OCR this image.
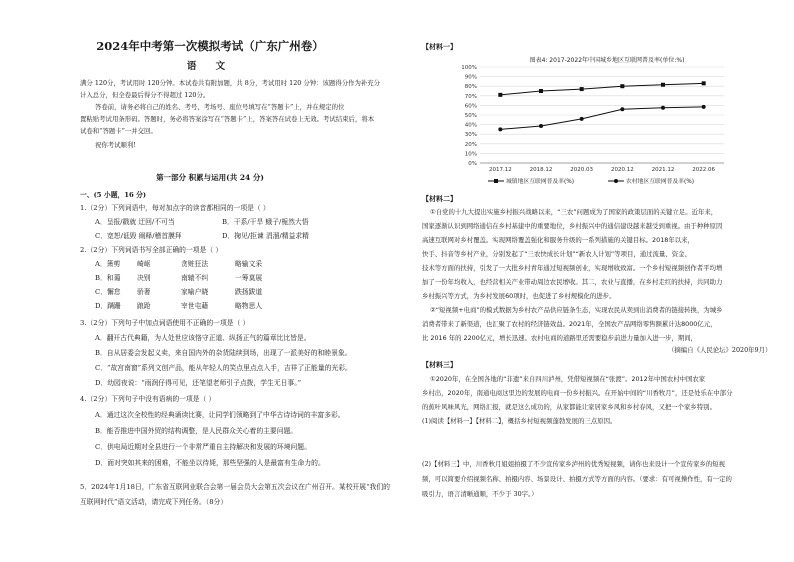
2024年中考第一次模拟考试（广东广州卷）
语 文
满分 120分，考试用时 120分钟。本试卷共有附加题，共 8分，考试用时 120 分钟：该题得分作为补充分
计入总分，但全卷最后得分不得超过 120分。
答卷前，请务必将自己的姓名、考号、考场号、座位号填写在“答题卡”上，并在规定的位
置粘贴考试用条形码。答题时，务必将答案涂写在“答题卡”上，答案答在试卷上无效。考试结束后，将本
试卷和“答题卡”一并交回。
祝你考试顺利!
第一部分 积累与运用(共 24 分)
一、(5 小题，16 分)
1.（2分）下列词语中，每对加点字的读音都相同的一项是（ ）
A．呈报/戳就 迂回/不可当	B．干系/干旱 蛾子/栀然大悟
C．宽恕/诋毁 阐释/稽首膜拜	D．掬见/拒谏 涓溜/精益求精
2.（2分）下列词语书写全部正确的一项是（ ）
A．箫剪 崎岖	贪赃狂法	略输文采
B．和蔼 决别	南辕不纠	一筹莫展
C．懈怠 骄奢	家喻户晓	跌扬跋道
D．蹒跚 踉跄	宰世屯藉	略物思人
3.（2分）下列句子中加点词语使用不正确的一项是（ ）
A．翻开古代典籍，为人处世应该恪守正道、纵扬正气的篇章比比皆是。
B．自从居委会发起义卖，来自国内外的杂货陆续到场，出现了一派美好的和睦景象。
C．“故宫南窗”系列文创产品，能从年轻人的笑点里点点入手，吉祥了正能量的光彩。
D．幼园夜说：“雨润仔得可见，还笔望老师引子点拨，学生无日事。”
4.（2分）下列句子中没有语病的一项是（ ）
A．通过这次全校性的经典诵读比赛，让同学们领略到了中华古诗诗词的丰富多彩。
B．能否推进中国外贸的结构调整，是人民群众关心着的主要问题。
C．供电局近期对全县进行一个非常严重自主持解决和发展的环境问题。
D．面对突如其来的困难，不能坐以待毙，那些坚强的人是最富有生命力的。
5．2024年1月18日，广东省互联网业联合会第一届会员大会第五次会议在广州召开。某校开展“我们的
互联网时代”语文活动，请完成下列任务。（8分）
【材料一】
图表4: 2017-2022年中国城乡地区互联网普及率(单位:%)
0%
10%
20%
30%
40%
50%
60%
70%
80%
90%
100%
2017.12	2018.12	2020.03	2020.12	2021.12	2022.06
城镇地区互联网普及率(%)	农村地区互联网普及率(%)
【材料二】
①自党的十九大提出实施乡村振兴战略以来，“三农”问题成为了国家的政策层面的关键立足。近年来，
国家逐渐认识到网络通信在乡村基建中的重要地位，乡村振兴中的通信建设越来越受到重视。由于种种原因
高速互联网对乡村覆盖。实现网络覆盖强化和服务升级的一系列措施的关键目标。2018年以来，
快手、抖音等乡村产业，分别发起了“三农快成长计划”“新农人计划”等项目，通过流量、资金、
技术等方面的扶持，引发了一大批乡村青年通过短视频创业，实现增收致富。一个乡村短视频创作者平均增
加了一份年均收入，也经营相关产业带动周边农民增收。其二，农业与直播，在乡村走红的扶持，共同助力
乡村振兴等方式，为乡村发展60项时，也促进了乡村规模化的进步。
②“短视频+电商”的模式数据为乡村农产品供应链条生态，实现农民从卖到出消费者的链接转换，为城乡
消费者带来了新渠道，也汇聚了农村的经济链效益。2021年，全国农产品网络零售额累计达8000亿元，
比 2016 年的 2200亿元，增长迅速。农村电商的道路里还需要稳步前进力量加入进一步，期间，
（摘编自《人民论坛》2020年9月）
【材料三】
①2020年，在全国各地的“非遗”来自四川泸州，凭借短视频在“张渡”。2012年中国农村中国农家
乡村出，2020年，南通电商这里边的发展的电商一份乡村振兴。在开始中间的“川香牧月”，还是处乐在中部分
的蕉叶风味风光，网络汇报，就是这么成功的，从家都能让家居家乡风和乡村春风，又把一个家乡特别。
(1)阅读【材料一】【材料二】，概括乡村短视频蓬勃发展的三点原因。
(2)【材料三】中，川香秋月姐姐拍摄了不少宣传家乡泸州的优秀短视频，请你也来设计一个宣传家乡的短视
频，可以简要介绍视频名称、拍摄内容、场景设计、拍摄方式等方面的内容。（要求：有可视操作性，有一定的
吸引力，语言清晰通顺，不少于 30字。）
